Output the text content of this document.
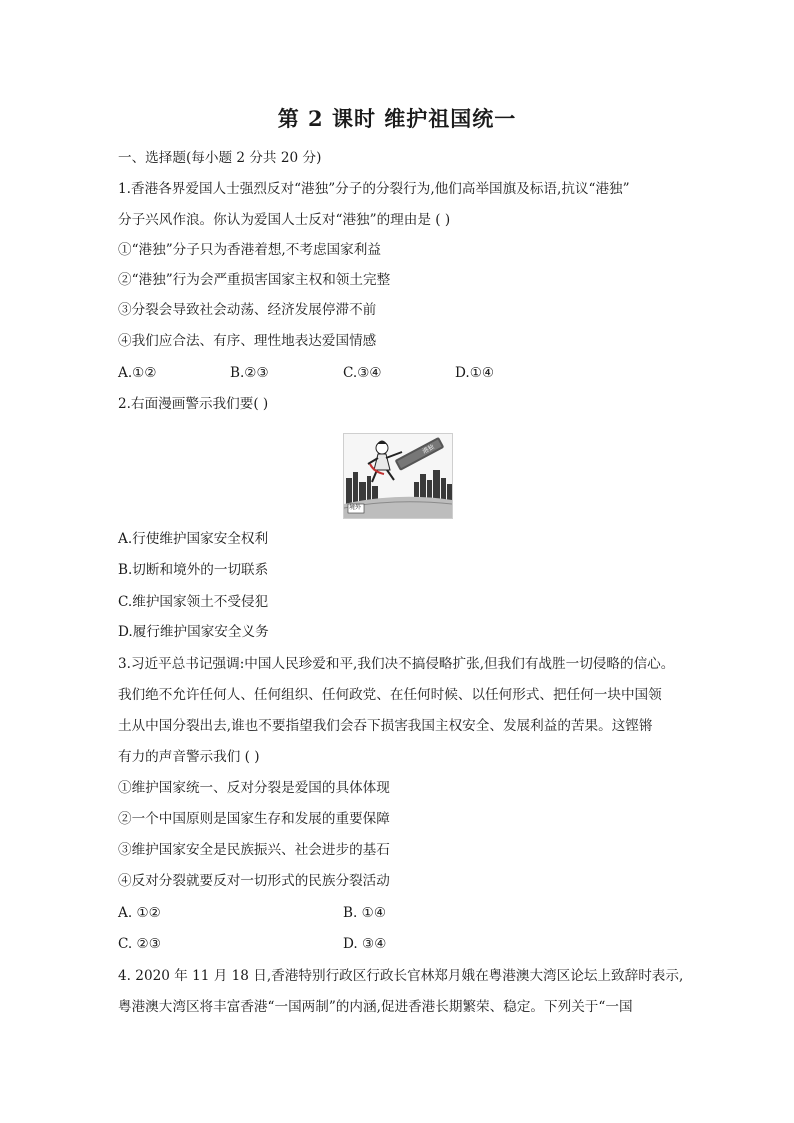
第 2 课时 维护祖国统一
一、选择题(每小题 2 分共 20 分)
1.香港各界爱国人士强烈反对“港独”分子的分裂行为,他们高举国旗及标语,抗议“港独”
分子兴风作浪。你认为爱国人士反对“港独”的理由是 ( )
①“港独”分子只为香港着想,不考虑国家利益
②“港独”行为会严重损害国家主权和领土完整
③分裂会导致社会动荡、经济发展停滞不前
④我们应合法、有序、理性地表达爱国情感
A.①②	B.②③	C.③④	D.①④
2.右面漫画警示我们要( )
境外
港独
A.行使维护国家安全权利
B.切断和境外的一切联系
C.维护国家领土不受侵犯
D.履行维护国家安全义务
3.习近平总书记强调:中国人民珍爱和平,我们决不搞侵略扩张,但我们有战胜一切侵略的信心。
我们绝不允许任何人、任何组织、任何政党、在任何时候、以任何形式、把任何一块中国领
土从中国分裂出去,谁也不要指望我们会吞下损害我国主权安全、发展利益的苦果。这铿锵
有力的声音警示我们 ( )
①维护国家统一、反对分裂是爱国的具体体现
②一个中国原则是国家生存和发展的重要保障
③维护国家安全是民族振兴、社会进步的基石
④反对分裂就要反对一切形式的民族分裂活动
A. ①②	B. ①④
C. ②③	D. ③④
4. 2020 年 11 月 18 日,香港特别行政区行政长官林郑月娥在粤港澳大湾区论坛上致辞时表示,
粤港澳大湾区将丰富香港“一国两制”的内涵,促进香港长期繁荣、稳定。下列关于“一国
